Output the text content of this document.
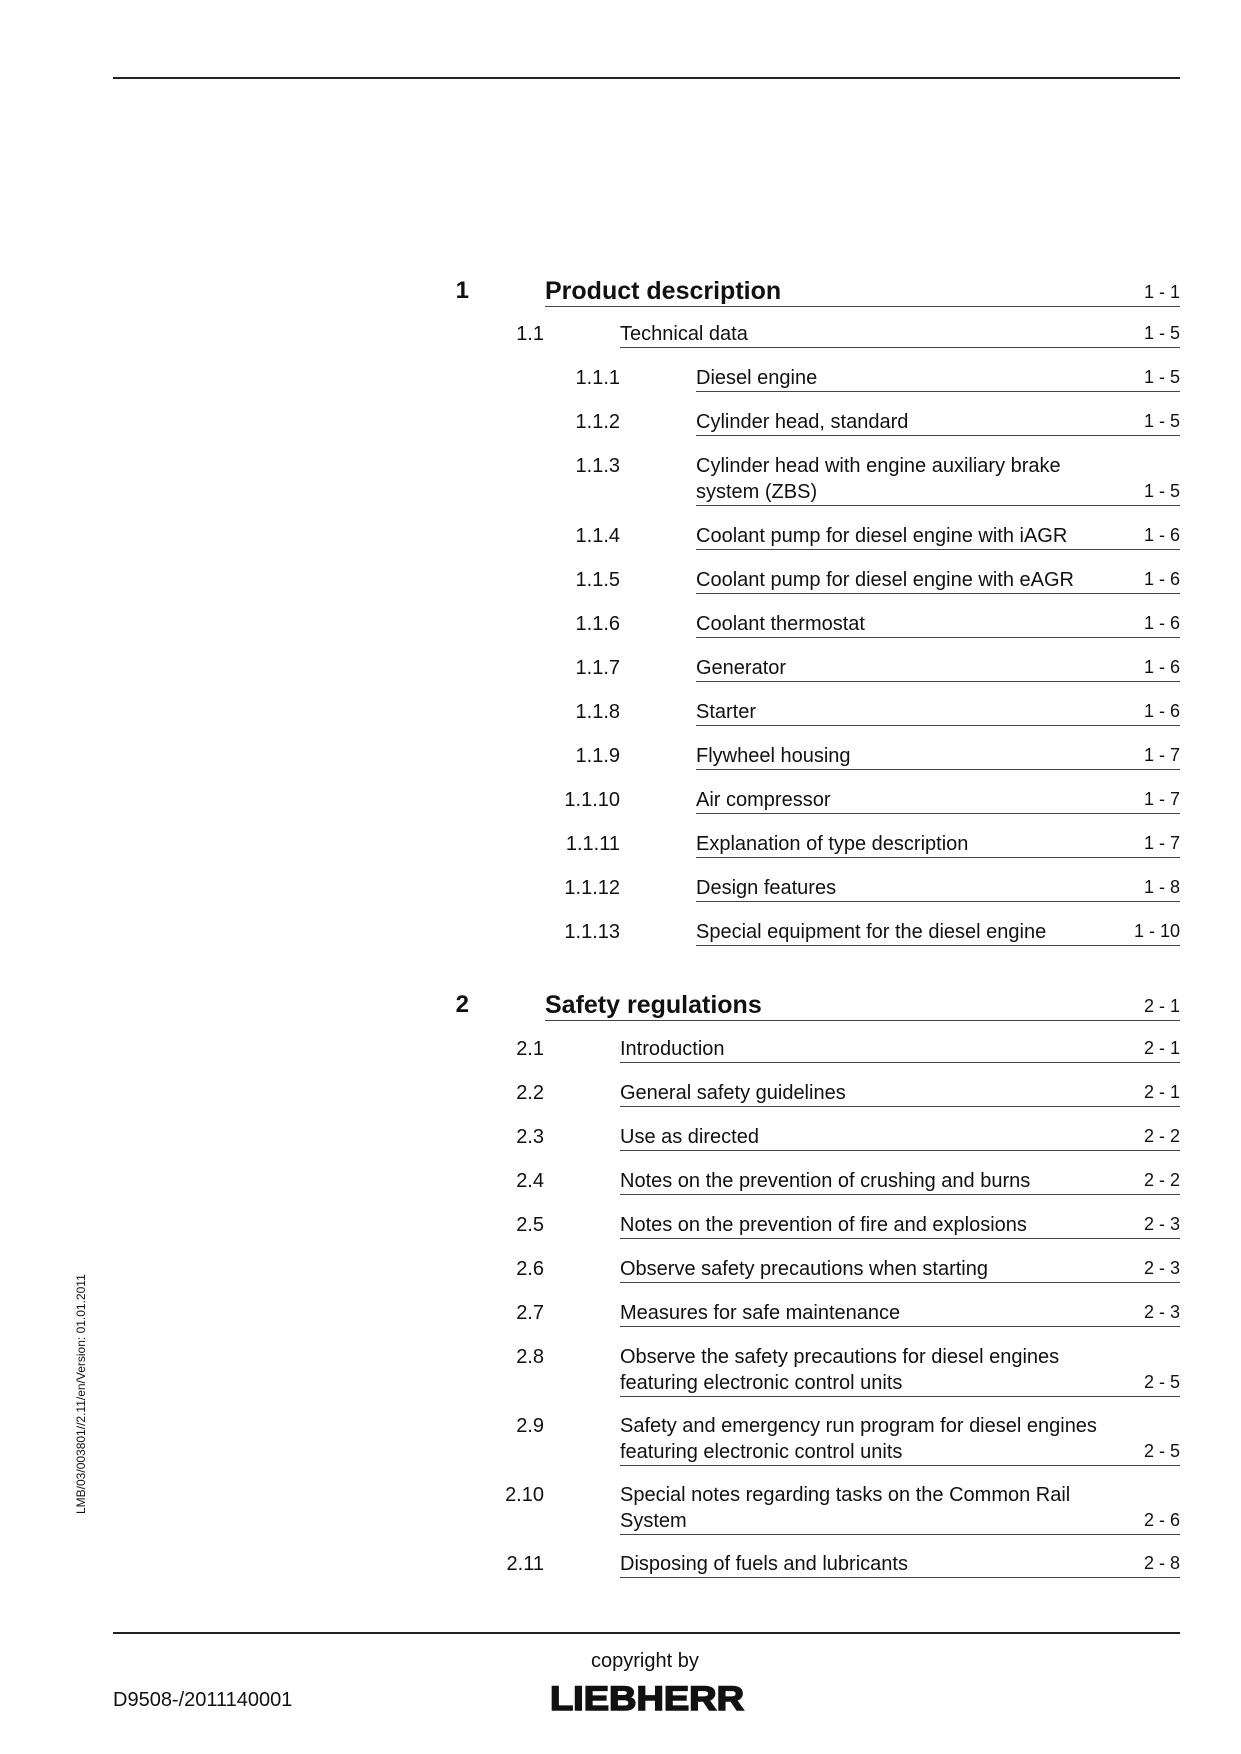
1	Product description	1 - 1
1.1	Technical data	1 - 5
1.1.1	Diesel engine	1 - 5
1.1.2	Cylinder head, standard	1 - 5
1.1.3	Cylinder head with engine auxiliary brake system (ZBS)	1 - 5
1.1.4	Coolant pump for diesel engine with iAGR	1 - 6
1.1.5	Coolant pump for diesel engine with eAGR	1 - 6
1.1.6	Coolant thermostat	1 - 6
1.1.7	Generator	1 - 6
1.1.8	Starter	1 - 6
1.1.9	Flywheel housing	1 - 7
1.1.10	Air compressor	1 - 7
1.1.11	Explanation of type description	1 - 7
1.1.12	Design features	1 - 8
1.1.13	Special equipment for the diesel engine	1 - 10
2	Safety regulations	2 - 1
2.1	Introduction	2 - 1
2.2	General safety guidelines	2 - 1
2.3	Use as directed	2 - 2
2.4	Notes on the prevention of crushing and burns	2 - 2
2.5	Notes on the prevention of fire and explosions	2 - 3
2.6	Observe safety precautions when starting	2 - 3
2.7	Measures for safe maintenance	2 - 3
2.8	Observe the safety precautions for diesel engines featuring electronic control units	2 - 5
2.9	Safety and emergency run program for diesel engines featuring electronic control units	2 - 5
2.10	Special notes regarding tasks on the Common Rail System	2 - 6
2.11	Disposing of fuels and lubricants	2 - 8
LMB/03/003801//2.11/en/Version: 01.01.2011
copyright by
D9508-/2011140001	LIEBHERR
